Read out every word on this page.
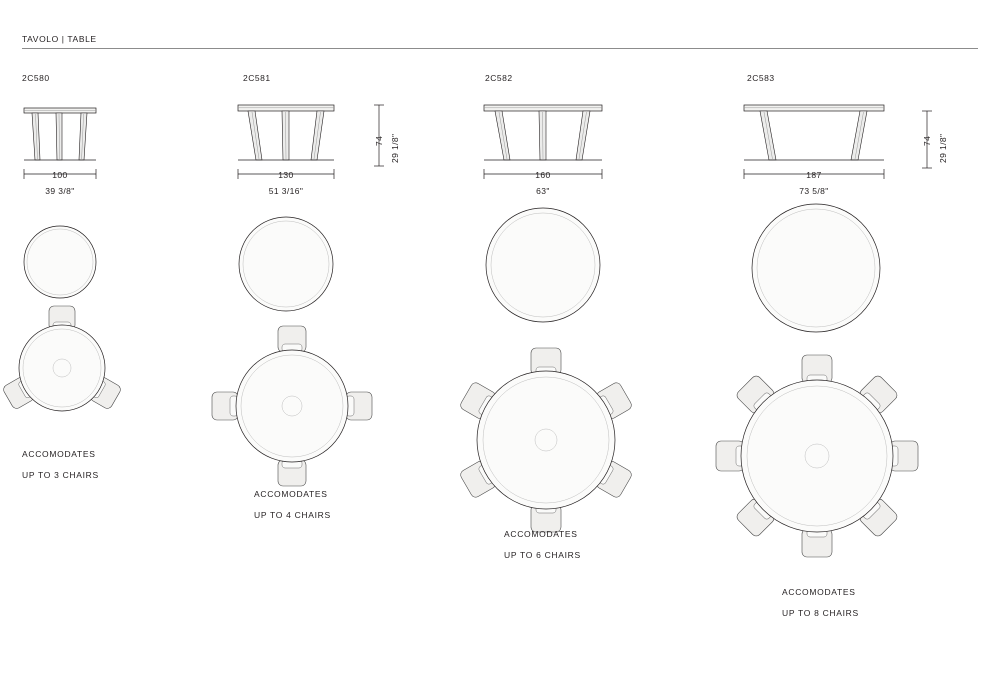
TAVOLO | TABLE
2C580
100
39 3/8"
ACCOMODATES
UP TO 3 CHAIRS
2C581
74 29 1/8"
130
51 3/16"
ACCOMODATES
UP TO 4 CHAIRS
2C582
160
63"
ACCOMODATES
UP TO 6 CHAIRS
2C583
74 29 1/8"
187
73 5/8"
ACCOMODATES
UP TO 8 CHAIRS
